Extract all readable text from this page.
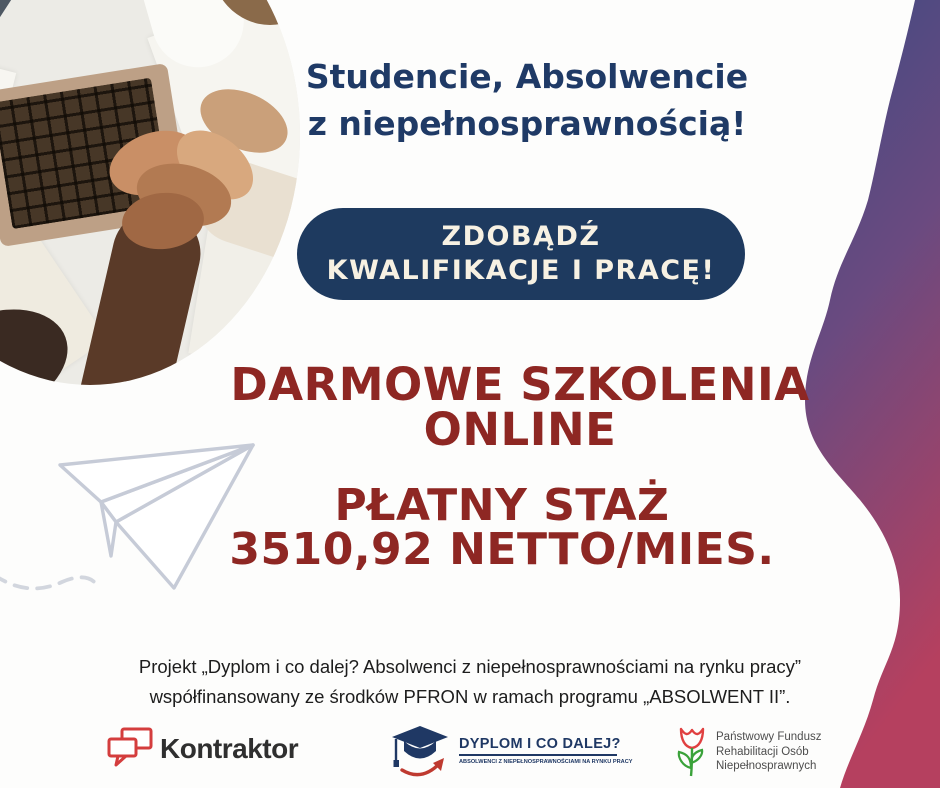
Studencie, Absolwencie
z niepełnosprawnością!
ZDOBĄDŹ
KWALIFIKACJE I PRACĘ!
DARMOWE SZKOLENIA
ONLINE
PŁATNY STAŻ
3510,92 NETTO/MIES.
Projekt „Dyplom i co dalej? Absolwenci z niepełnosprawnościami na rynku pracy”
współfinansowany ze środków PFRON w ramach programu „ABSOLWENT II”.
Kontraktor	DYPLOM I CO DALEJ?
ABSOLWENCI Z NIEPEŁNOSPRAWNOŚCIAMI NA RYNKU PRACY
Państwowy Fundusz
Rehabilitacji Osób
Niepełnosprawnych
